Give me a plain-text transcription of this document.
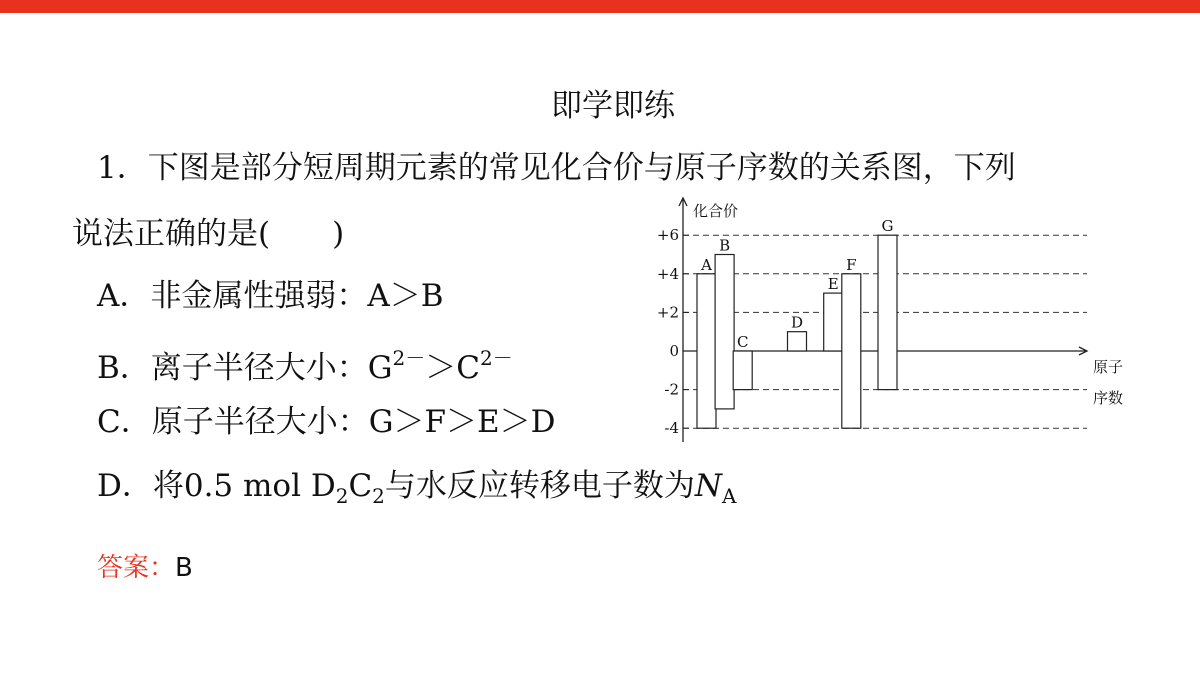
即学即练
1．下图是部分短周期元素的常见化合价与原子序数的关系图，下列
说法正确的是(　　)
A．非金属性强弱：A＞B
B．离子半径大小：$G^{2-}>C^{2-}$
C．原子半径大小：G＞F＞E＞D
D．将0.5 mol $D_2C_2$与水反应转移电子数为$N_A$
答案：B
+6
+4
+2
0
-2
-4
化合价
原子
序数
A
B
C
D
E
F
G
